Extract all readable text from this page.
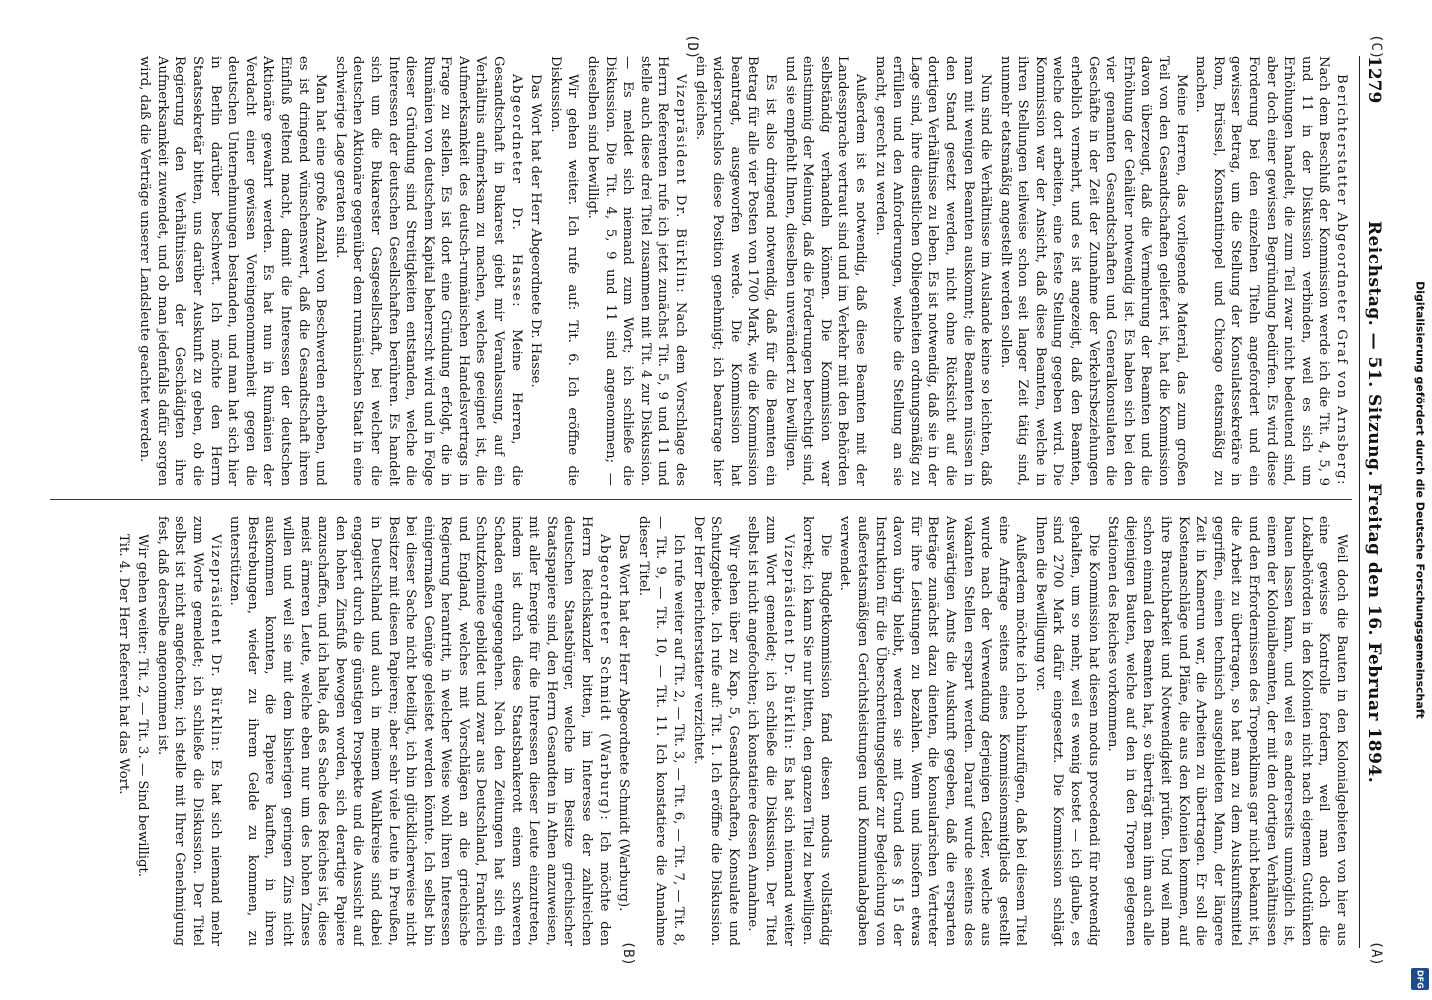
1279
Reichstag. — 51. Sitzung. Freitag den 16. Februar 1894.
(C)
(A)
(D)
(B)

Berichterstatter Abgeordneter Graf von Arnsberg: Nach dem Beschluß der Kommission werde ich die Tit. 4, 5, 9 und 11 in der Diskussion verbinden, weil es sich um Erhöhungen handelt, die zum Teil zwar nicht bedeutend sind, aber doch einer gewissen Begründung bedürfen. Es wird diese Forderung bei den einzelnen Titeln angefordert und ein gewisser Betrag, um die Stellung der Konsulatssekretäre in Rom, Brüssel, Konstantinopel und Chicago etatsmäßig zu machen.

Meine Herren, das vorliegende Material, das zum großen Teil von den Gesandtschaften geliefert ist, hat die Kommission davon überzeugt, daß die Vermehrung der Beamten und die Erhöhung der Gehälter notwendig ist. Es haben sich bei den vier genannten Gesandtschaften und Generalkonsulaten die Geschäfte in der Zeit der Zunahme der Verkehrsbeziehungen erheblich vermehrt, und es ist angezeigt, daß den Beamten, welche dort arbeiten, eine feste Stellung gegeben wird. Die Kommission war der Ansicht, daß diese Beamten, welche in ihren Stellungen teilweise schon seit langer Zeit tätig sind, nunmehr etatsmäßig angestellt werden sollen.

Nun sind die Verhältnisse im Auslande keine so leichten, daß man mit wenigen Beamten auskommt; die Beamten müssen in den Stand gesetzt werden, nicht ohne Rücksicht auf die dortigen Verhältnisse zu leben. Es ist notwendig, daß sie in der Lage sind, ihre dienstlichen Obliegenheiten ordnungsmäßig zu erfüllen und den Anforderungen, welche die Stellung an sie macht, gerecht zu werden.

Außerdem ist es notwendig, daß diese Beamten mit der Landessprache vertraut sind und im Verkehr mit den Behörden selbständig verhandeln können. Die Kommission war einstimmig der Meinung, daß die Forderungen berechtigt sind, und sie empfiehlt Ihnen, dieselben unverändert zu bewilligen.

Es ist also dringend notwendig, daß für die Beamten ein Betrag für alle vier Posten von 1700 Mark, wie die Kommission beantragt, ausgeworfen werde. Die Kommission hat widerspruchslos diese Position genehmigt; ich beantrage hier ein gleiches.

Vizepräsident Dr. Bürklin: Nach dem Vorschlage des Herrn Referenten rufe ich jetzt zunächst Tit. 5, 9 und 11 und stelle auch diese drei Titel zusammen mit Tit. 4 zur Diskussion. — Es meldet sich niemand zum Wort; ich schließe die Diskussion. Die Tit. 4, 5, 9 und 11 sind angenommen; — dieselben sind bewilligt.

Wir gehen weiter. Ich rufe auf: Tit. 6. Ich eröffne die Diskussion.

Das Wort hat der Herr Abgeordnete Dr. Hasse.

Abgeordneter Dr. Hasse: Meine Herren, die Gesandtschaft in Bukarest giebt mir Veranlassung, auf ein Verhältnis aufmerksam zu machen, welches geeignet ist, die Aufmerksamkeit des deutsch-rumänischen Handelsvertrags in Frage zu stellen. Es ist dort eine Gründung erfolgt, die in Rumänien von deutschem Kapital beherrscht wird und in Folge dieser Gründung sind Streitigkeiten entstanden, welche die Interessen der deutschen Gesellschaften berühren. Es handelt sich um die Bukarester Gasgesellschaft, bei welcher die deutschen Aktionäre gegenüber dem rumänischen Staat in eine schwierige Lage geraten sind.

Man hat eine große Anzahl von Beschwerden erhoben, und es ist dringend wünschenswert, daß die Gesandtschaft ihren Einfluß geltend macht, damit die Interessen der deutschen Aktionäre gewahrt werden. Es hat nun in Rumänien der Verdacht einer gewissen Voreingenommenheit gegen die deutschen Unternehmungen bestanden, und man hat sich hier in Berlin darüber beschwert. Ich möchte den Herrn Staatssekretär bitten, uns darüber Auskunft zu geben, ob die Regierung den Verhältnissen der Geschädigten ihre Aufmerksamkeit zuwendet, und ob man jedenfalls dafür sorgen wird, daß die Verträge unserer Landsleute geachtet werden.

Weil doch die Bauten in den Kolonialgebieten von hier aus eine gewisse Kontrolle fordern, weil man doch die Lokalbehörden in den Kolonien nicht nach eigenem Gutdünken bauen lassen kann, und weil es andererseits unmöglich ist, einem der Kolonialbeamten, der mit den dortigen Verhältnissen und den Erfordernissen des Tropenklimas gar nicht bekannt ist, die Arbeit zu übertragen, so hat man zu dem Auskunftsmittel gegriffen, einen technisch ausgebildeten Mann, der längere Zeit in Kamerun war, die Arbeiten zu übertragen. Er soll die Kostenanschläge und Pläne, die aus den Kolonien kommen, auf ihre Brauchbarkeit und Notwendigkeit prüfen. Und weil man schon einmal den Beamten hat, so überträgt man ihm auch alle diejenigen Bauten, welche auf den in den Tropen gelegenen Stationen des Reiches vorkommen.

Die Kommission hat diesen modus procedendi für notwendig gehalten, um so mehr, weil es wenig kostet — ich glaube, es sind 2700 Mark dafür eingesetzt. Die Kommission schlägt Ihnen die Bewilligung vor.

Außerdem möchte ich noch hinzufügen, daß bei diesem Titel eine Anfrage seitens eines Kommissionsmitglieds gestellt wurde nach der Verwendung derjenigen Gelder, welche aus vakanten Stellen erspart werden. Darauf wurde seitens des Auswärtigen Amts die Auskunft gegeben, daß die ersparten Beträge zunächst dazu dienten, die konsularischen Vertreter für ihre Leistungen zu bezahlen. Wenn und insofern etwas davon übrig bleibt, werden sie mit Grund des § 15 der Instruktion für die Überschreitungsgelder zur Begleichung von außeretatsmäßigen Gerichtsleistungen und Kommunalabgaben verwendet.

Die Budgetkommission fand diesen modus vollständig korrekt; ich kann Sie nur bitten, den ganzen Titel zu bewilligen.

Vizepräsident Dr. Bürklin: Es hat sich niemand weiter zum Wort gemeldet; ich schließe die Diskussion. Der Titel selbst ist nicht angefochten; ich konstatiere dessen Annahme.

Wir gehen über zu Kap. 5, Gesandtschaften, Konsulate und Schutzgebiete. Ich rufe auf: Tit. 1. Ich eröffne die Diskussion. Der Herr Berichterstatter verzichtet.

Ich rufe weiter auf Tit. 2, — Tit. 3, — Tit. 6, — Tit. 7, — Tit. 8, — Tit. 9, — Tit. 10, — Tit. 11. Ich konstatiere die Annahme dieser Titel.

Das Wort hat der Herr Abgeordnete Schmidt (Warburg).

Abgeordneter Schmidt (Warburg): Ich möchte den Herrn Reichskanzler bitten, im Interesse der zahlreichen deutschen Staatsbürger, welche im Besitze griechischer Staatspapiere sind, den Herrn Gesandten in Athen anzuweisen, mit aller Energie für die Interessen dieser Leute einzutreten, indem ist durch diese Staatsbankerott einem schweren Schaden entgegengehen. Nach den Zeitungen hat sich ein Schutzkomitee gebildet und zwar aus Deutschland, Frankreich und England, welches mit Vorschlägen an die griechische Regierung herantritt, in welcher Weise wohl ihren Interessen einigermaßen Genüge geleistet werden könnte. Ich selbst bin bei dieser Sache nicht beteiligt, ich bin glücklicherweise nicht Besitzer mit diesen Papieren; aber sehr viele Leute in Preußen, in Deutschland und auch in meinem Wahlkreise sind dabei engagiert durch die günstigen Prospekte und die Aussicht auf den hohen Zinsfuß bewogen worden, sich derartige Papiere anzuschaffen, und ich halte, daß es Sache des Reiches ist, diese meist ärmeren Leute, welche eben nur um des hohen Zinses willen und weil sie mit dem bisherigen geringen Zins nicht auskommen konnten, die Papiere kauften, in ihren Bestrebungen, wieder zu ihrem Gelde zu kommen, zu unterstützen.

Vizepräsident Dr. Bürklin: Es hat sich niemand mehr zum Worte gemeldet; ich schließe die Diskussion. Der Titel selbst ist nicht angefochten; ich stelle mit Ihrer Genehmigung fest, daß derselbe angenommen ist.

Wir gehen weiter: Tit. 2, — Tit. 3. — Sind bewilligt.

Tit. 4. Der Herr Referent hat das Wort.	Digitalisierung gefördert durch die Deutsche Forschungsgemeinschaft
DFG
